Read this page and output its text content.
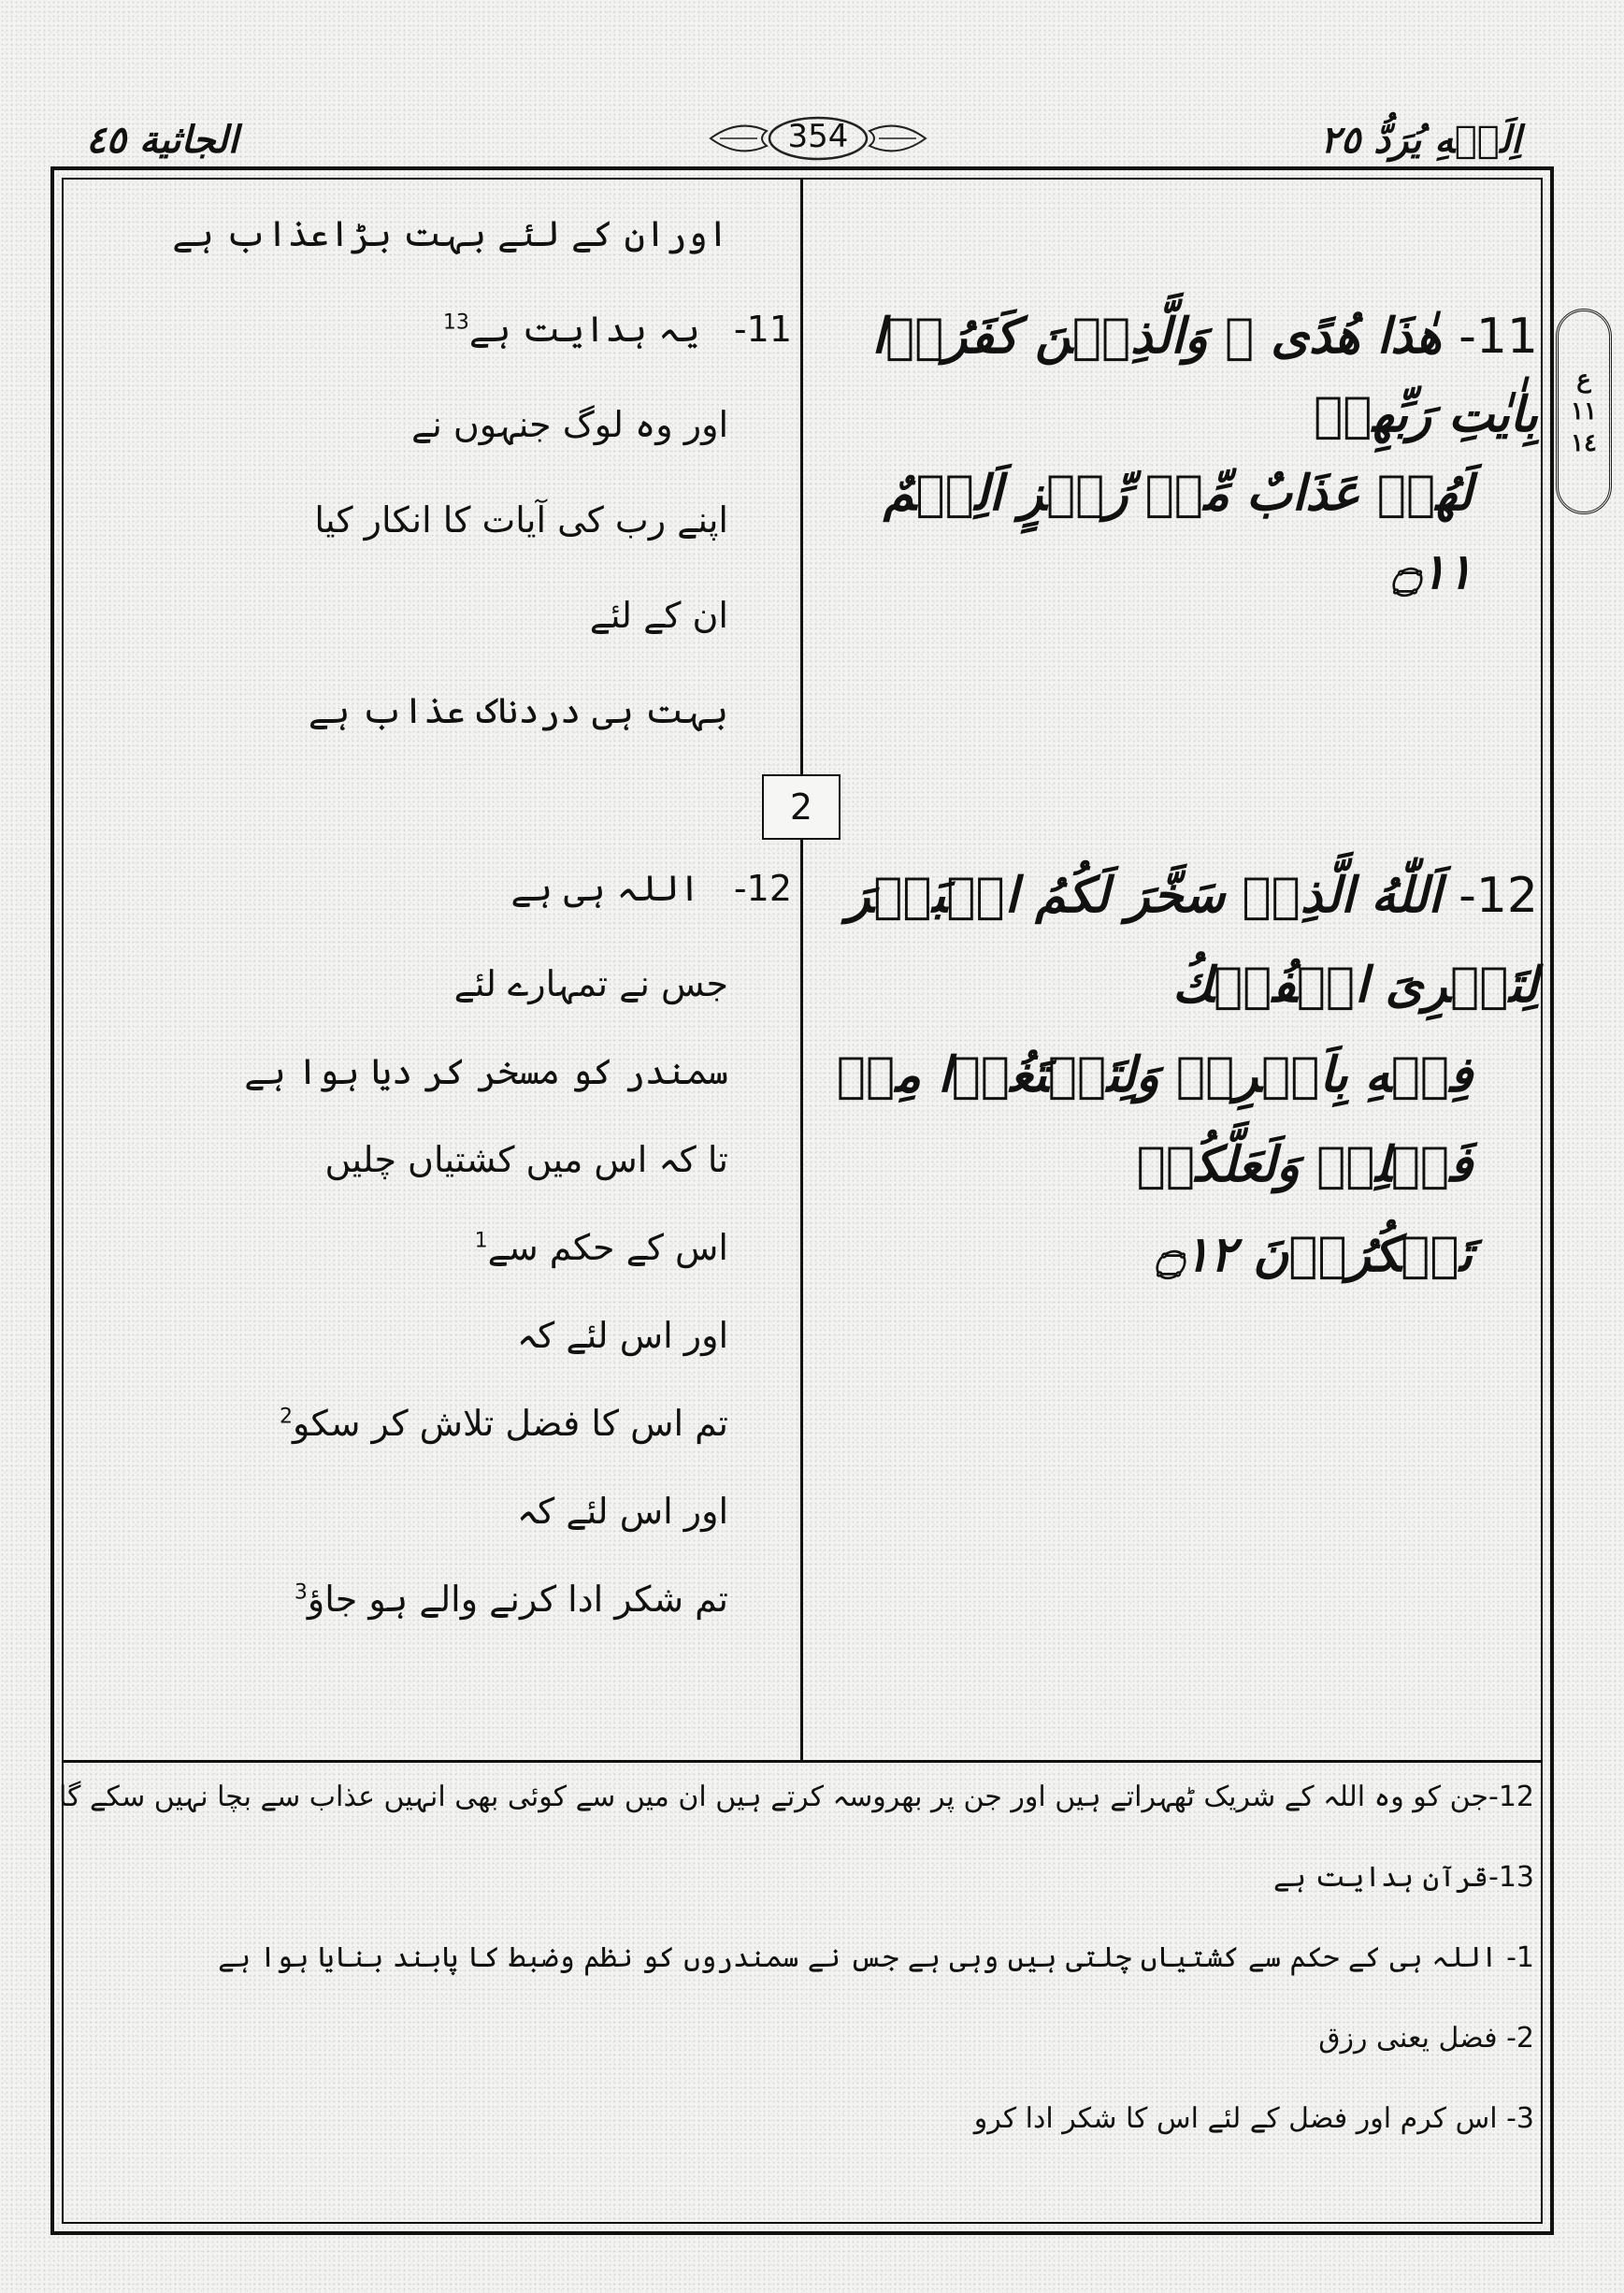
الجاثية ٤٥	354	اِلَيۡهِ يُرَدُّ ٢٥
ع
١١
١٤
11- هٰذَا هُدًى ۚ وَالَّذِيۡنَ كَفَرُوۡا بِاٰيٰتِ رَبِّهِمۡ
لَهُمۡ عَذَابٌ مِّنۡ رِّجۡزٍ اَلِيۡمٌ ۝١١
12- اَللّٰهُ الَّذِىۡ سَخَّرَ لَكُمُ الۡبَحۡرَ لِتَجۡرِىَ الۡفُلۡكُ
فِيۡهِ بِاَمۡرِهٖ وَلِتَبۡتَغُوۡا مِنۡ فَضۡلِهٖ وَلَعَلَّكُمۡ
تَشۡكُرُوۡنَ ۝١٢
اوران کے لئے بہت بڑاعذاب ہے
11-   یہ ہدایت ہے$^{13}$
اور وہ لوگ جنہوں نے
اپنے رب کی آیات کا انکار کیا
ان کے لئے
بہت ہی دردناک عذاب ہے
2
12-   اللہ ہی ہے
جس نے تمہارے لئے
سمندر کو مسخر کر دیا ہوا ہے
تا کہ اس میں کشتیاں چلیں
اس کے حکم سے$^1$
اور اس لئے کہ
تم اس کا فضل تلاش کر سکو$^2$
اور اس لئے کہ
تم شکر ادا کرنے والے ہو جاؤ$^3$
12-جن کو وہ اللہ کے شریک ٹھہراتے ہیں اور جن پر بھروسہ کرتے ہیں ان میں سے کوئی بھی انہیں عذاب سے بچا نہیں سکے گا
13-قرآن ہدایت ہے
1- اللہ ہی کے حکم سے کشتیاں چلتی ہیں وہی ہے جس نے سمندروں کو نظم وضبط کا پابند بنایا ہوا ہے
2- فضل یعنی رزق
3- اس کرم اور فضل کے لئے اس کا شکر ادا کرو
